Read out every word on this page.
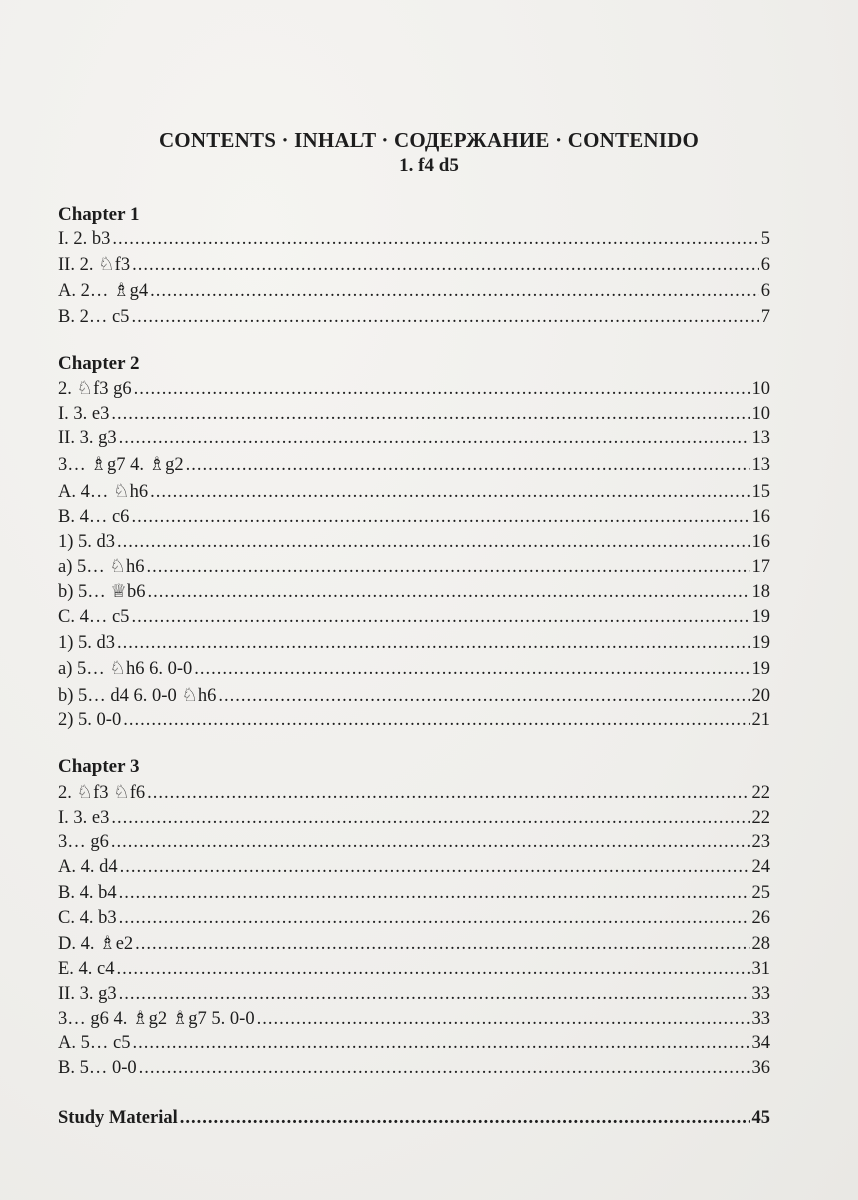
CONTENTS · INHALT · СОДЕРЖАНИЕ · CONTENIDO
1. f4 d5
Chapter 1
I. 2. b3 .....	5
II. 2. ♘f3 .....	6
A. 2… ♗g4 .....	6
B. 2… c5 .....	7
Chapter 2
2. ♘f3 g6 .....	10
I. 3. e3 .....	10
II. 3. g3 .....	13
3… ♗g7 4. ♗g2 .....	13
A. 4… ♘h6 .....	15
B. 4… c6 .....	16
1) 5. d3 .....	16
a) 5… ♘h6 .....	17
b) 5… ♕b6 .....	18
C. 4… c5 .....	19
1) 5. d3 .....	19
a) 5… ♘h6 6. 0-0 .....	19
b) 5… d4 6. 0-0 ♘h6 .....	20
2) 5. 0-0 .....	21
Chapter 3
2. ♘f3 ♘f6 .....	22
I. 3. e3 .....	22
3… g6 .....	23
A. 4. d4 .....	24
B. 4. b4 .....	25
C. 4. b3 .....	26
D. 4. ♗e2 .....	28
E. 4. c4 .....	31
II. 3. g3 .....	33
3… g6 4. ♗g2 ♗g7 5. 0-0 .....	33
A. 5… c5 .....	34
B. 5… 0-0 .....	36
Study Material .....	45
